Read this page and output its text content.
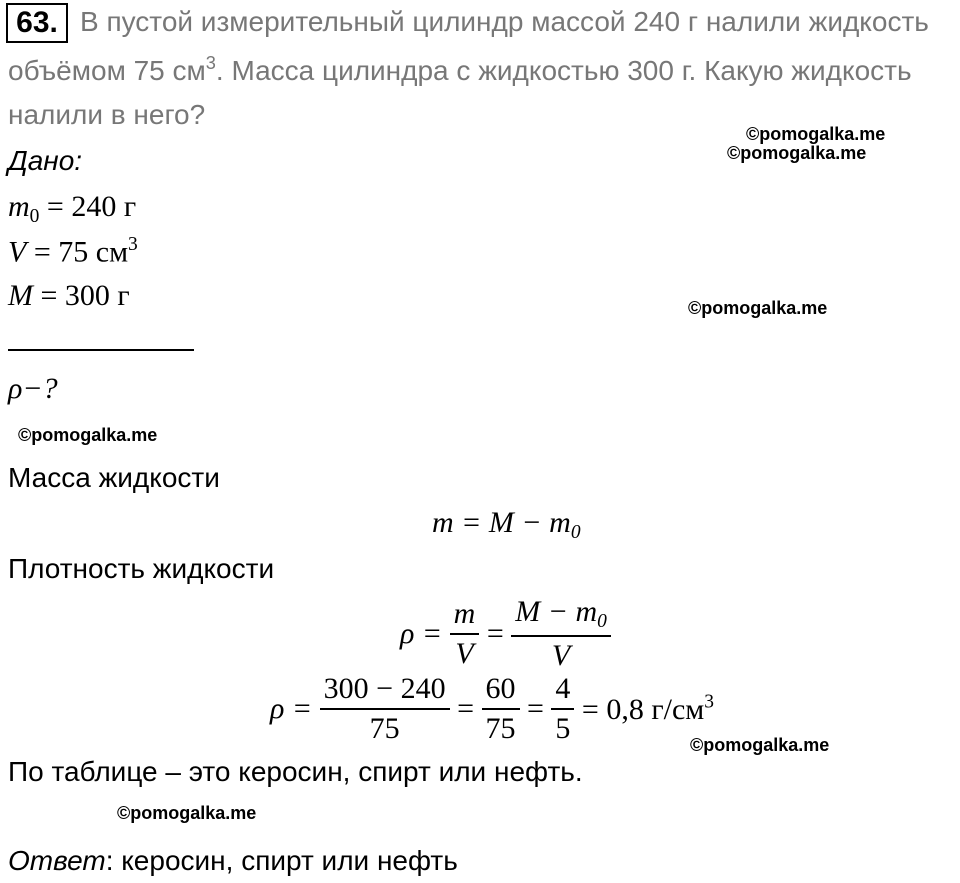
63. В пустой измерительный цилиндр массой 240 г налили жидкость
объёмом 75 $см^3$. Масса цилиндра с жидкостью 300 г. Какую жидкость
налили в него?
©pomogalka.me
©pomogalka.me
©pomogalka.me
©pomogalka.me
©pomogalka.me
©pomogalka.me
Дано:
$m_0 = 240$ г
V = 75 $см^3$
M = 300 г
ρ−?
Масса жидкости
$m = M - m_0$
Плотность жидкости
$\rho = \frac{m}{V} = \frac{M - m_0}{V}$
$\rho = \frac{300 - 240}{75} = \frac{60}{75} = \frac{4}{5} = 0,8$ $г/см^3$
По таблице – это керосин, спирт или нефть.
Ответ: керосин, спирт или нефть
